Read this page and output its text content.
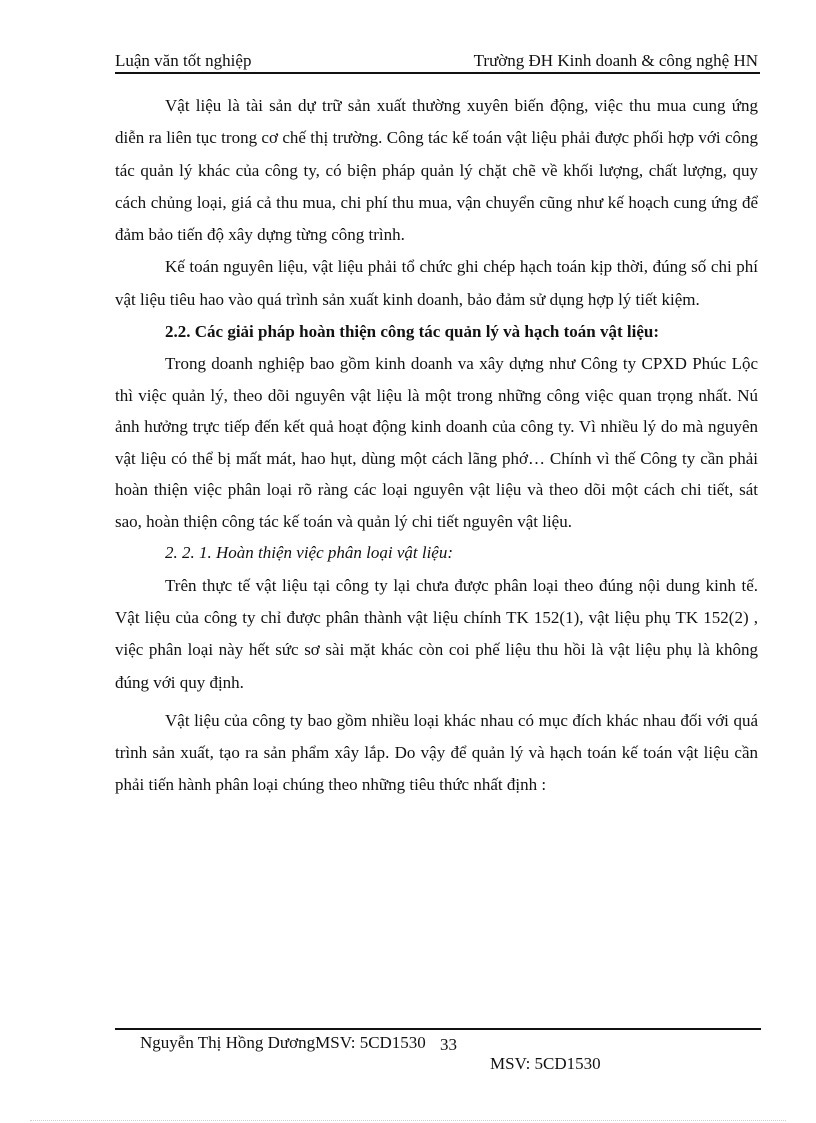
Luận văn tốt nghiệp	Trường ĐH Kinh doanh & công nghệ HN

Vật liệu là tài sản dự trữ sản xuất thường xuyên biến động, việc thu mua cung ứng diễn ra liên tục trong cơ chế thị trường. Công tác kế toán vật liệu phải được phối hợp với công tác quản lý khác của công ty, có biện pháp quản lý chặt chẽ về khối lượng, chất lượng, quy cách chủng loại, giá cả thu mua, chi phí thu mua, vận chuyển cũng như kế hoạch cung ứng để đảm bảo tiến độ xây dựng từng công trình.

Kế toán nguyên liệu, vật liệu phải tổ chức ghi chép hạch toán kịp thời, đúng số chi phí vật liệu tiêu hao vào quá trình sản xuất kinh doanh, bảo đảm sử dụng hợp lý tiết kiệm.

2.2. Các giải pháp hoàn thiện công tác quản lý và hạch toán vật liệu:

Trong doanh nghiệp bao gồm kinh doanh va xây dựng như Công ty CPXD Phúc Lộc thì việc quản lý, theo dõi nguyên vật liệu là một trong những công việc quan trọng nhất. Nú ảnh hưởng trực tiếp đến kết quả hoạt động kinh doanh của công ty. Vì nhiều lý do mà nguyên vật liệu có thể bị mất mát, hao hụt, dùng một cách lãng phớ… Chính vì thế Công ty cần phải hoàn thiện việc phân loại rõ ràng các loại nguyên vật liệu và theo dõi một cách chi tiết, sát sao, hoàn thiện công tác kế toán và quản lý chi tiết nguyên vật liệu.

2. 2. 1. Hoàn thiện việc phân loại vật liệu:

Trên thực tế vật liệu tại công ty lại chưa được phân loại theo đúng nội dung kinh tế. Vật liệu của công ty chỉ được phân thành vật liệu chính TK 152(1), vật liệu phụ TK 152(2) , việc phân loại này hết sức sơ sài mặt khác còn coi phế liệu thu hồi là vật liệu phụ là không đúng với quy định.

Vật liệu của công ty bao gồm nhiều loại khác nhau có mục đích khác nhau đối với quá trình sản xuất, tạo ra sản phẩm xây lắp. Do vậy để quản lý và hạch toán kế toán vật liệu cần phải tiến hành phân loại chúng theo những tiêu thức nhất định :

Nguyễn Thị Hồng DươngMSV: 5CD1530 33
MSV: 5CD1530
